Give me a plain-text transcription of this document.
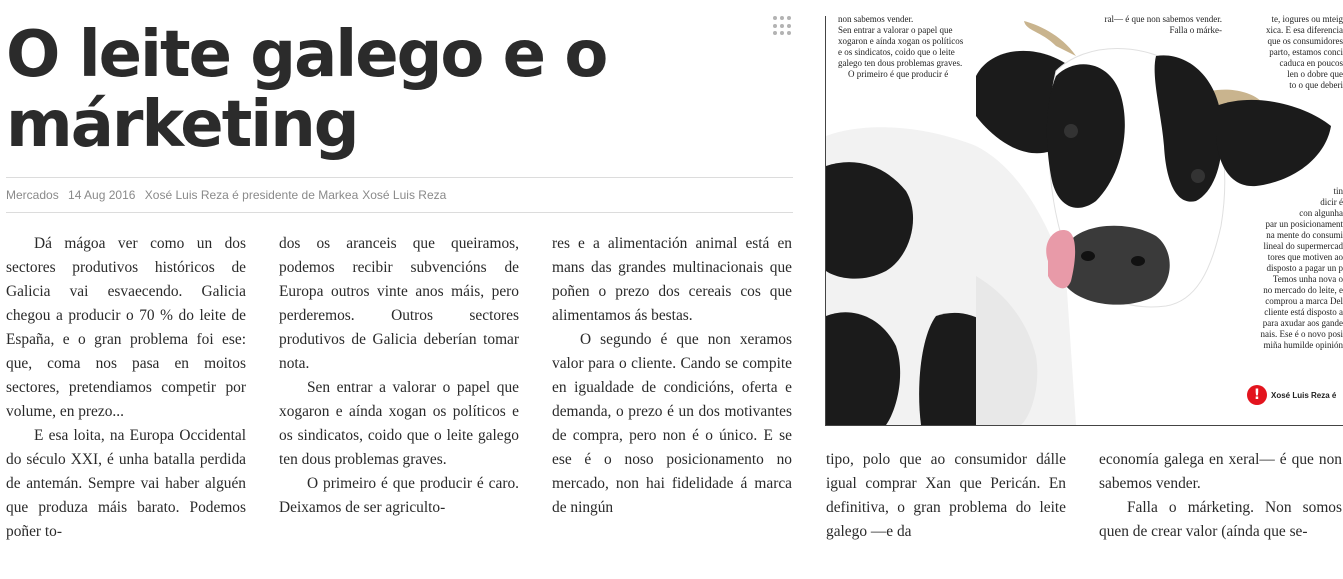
O leite galego e o
márketing
Mercados 14 Aug 2016 Xosé Luis Reza é presidente de Markea Xosé Luis Reza

Dá mágoa ver como un dos sectores produtivos históricos de Galicia vai esvaecendo. Galicia chegou a producir o 70 % do leite de España, e o gran problema foi ese: que, coma nos pasa en moitos sectores, pretendiamos competir por volume, en prezo...

E esa loita, na Europa Occidental do século XXI, é unha batalla perdida de antemán. Sempre vai haber alguén que produza máis barato. Podemos poñer to-

dos os aranceis que queiramos, podemos recibir subvencións de Europa outros vinte anos máis, pero perderemos. Outros sectores produtivos de Galicia deberían tomar nota.

Sen entrar a valorar o papel que xogaron e aínda xogan os políticos e os sindicatos, coido que o leite galego ten dous problemas graves.

O primeiro é que producir é caro. Deixamos de ser agriculto-

res e a alimentación animal está en mans das grandes multinacionais que poñen o prezo dos cereais cos que alimentamos ás bestas.

O segundo é que non xeramos valor para o cliente. Cando se compite en igualdade de condicións, oferta e demanda, o prezo é un dos motivantes de compra, pero non é o único. E se ese é o noso posicionamento no mercado, non hai fidelidade á marca de ningún

tipo, polo que ao consumidor dálle igual comprar Xan que Pericán. En definitiva, o gran problema do leite galego —e da

economía galega en xeral— é que non sabemos vender.

Falla o márketing. Non somos quen de crear valor (aínda que se-

non sabemos vender.

Sen entrar a valorar o papel que xogaron e aínda xogan os políticos e os sindicatos, coido que o leite galego ten dous problemas graves.

O primeiro é que producir é

ral— é que non sabemos vender.

Falla o márke-

te, iogures ou mteig

xica. E esa diferencia

que os consumidores

parto, estamos conci

caduca en poucos

len o dobre que

to o que deberi

tin

dicir é

con algunha

par un posicionament

na mente do consumi

lineal do supermercad

tores que motiven ao

disposto a pagar un p

Temos unha nova o

no mercado do leite, e

comprou a marca Del

cliente está disposto a

para axudar aos gande

nais. Ese é o novo posi

miña humilde opinión

!	Xosé Luis Reza é
